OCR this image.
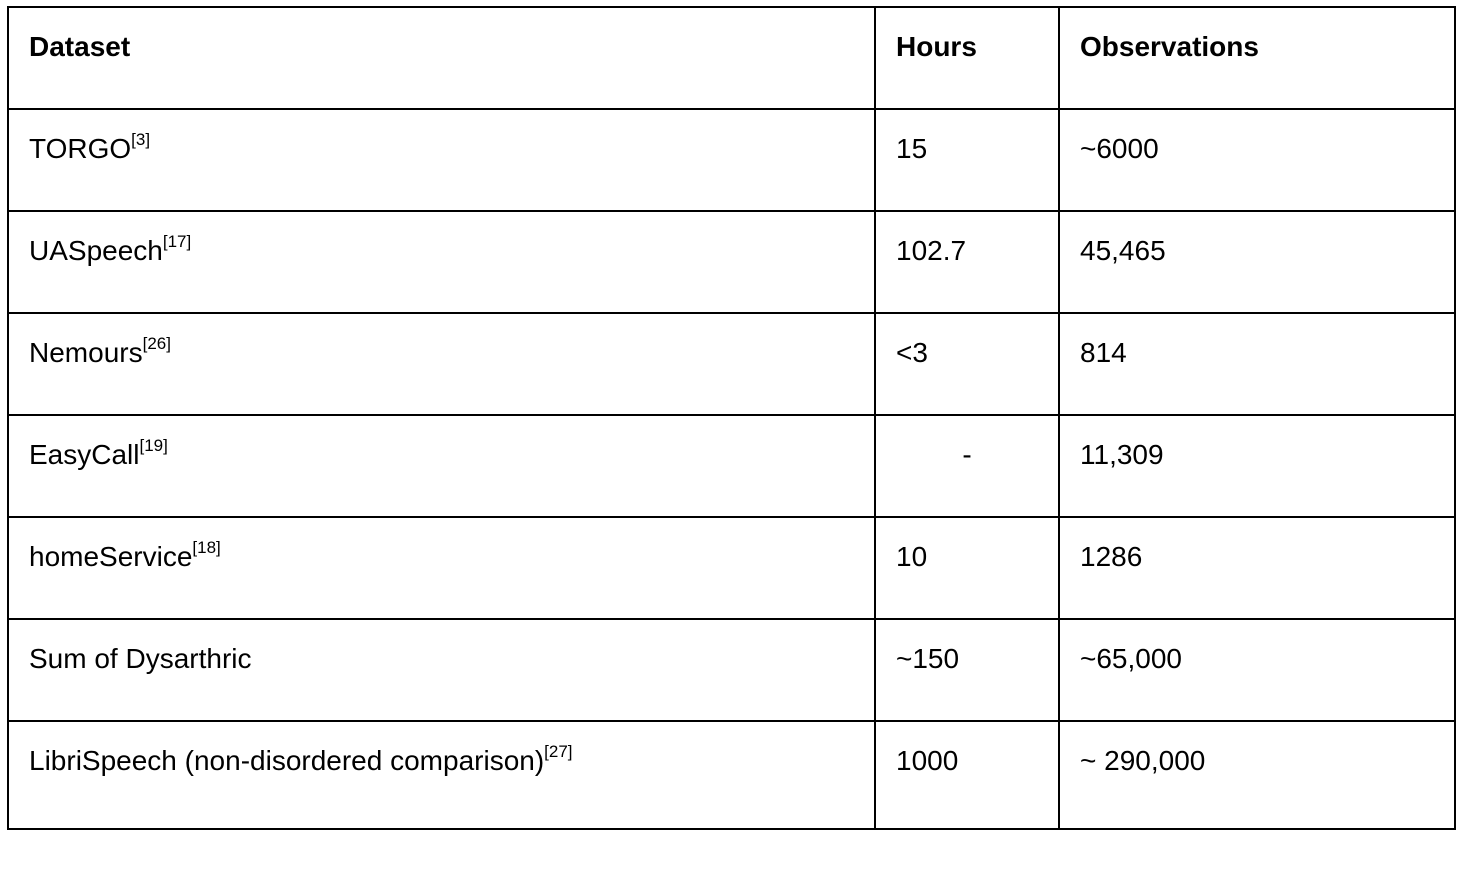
Dataset	Hours	Observations
TORGO[3]	15	~6000
UASpeech[17]	102.7	45,465
Nemours[26]	<3	814
EasyCall[19]	-	11,309
homeService[18]	10	1286
Sum of Dysarthric	~150	~65,000
LibriSpeech (non-disordered comparison)[27]	1000	~ 290,000
